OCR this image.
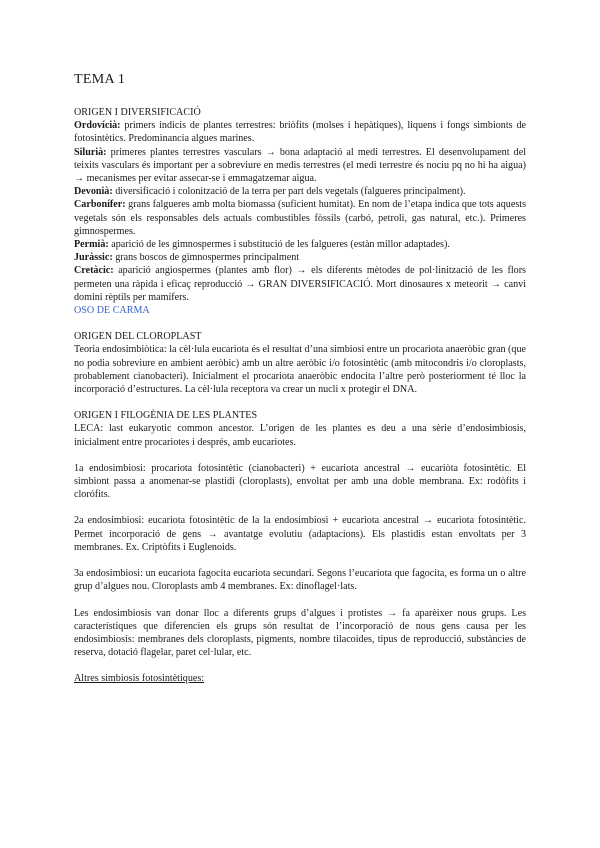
TEMA 1

ORIGEN I DIVERSIFICACIÓ

Ordovícià: primers indicis de plantes terrestres: briòfits (molses i hepàtiques), liquens i fongs simbionts de fotosintètics. Predominancia algues marines.

Silurià: primeres plantes terrestres vasculars → bona adaptació al medi terrestres. El desenvolupament del teixits vasculars és important per a sobreviure en medis terrestres (el medi terrestre és nociu pq no hi ha aigua) → mecanismes per evitar assecar-se i emmagatzemar aigua.

Devonià: diversificació i colonització de la terra per part dels vegetals (falgueres principalment).

Carbonífer: grans falgueres amb molta biomassa (suficient humitat). En nom de l’etapa indica que tots aquests vegetals són els responsables dels actuals combustibles fòssils (carbó, petroli, gas natural, etc.). Primeres gimnospermes.

Permià: aparició de les gimnospermes i substitució de les falgueres (estàn millor adaptades).

Juràssic: grans boscos de gimnospermes principalment

Cretàcic: aparició angiospermes (plantes amb flor) → els diferents mètodes de pol·linització de les flors permeten una ràpida i eficaç reproducció → GRAN DIVERSIFICACIÓ. Mort dinosaures x meteorit → canvi domini rèptils per mamífers.

OSO DE CARMA

ORIGEN DEL CLOROPLAST

Teoria endosimbiòtica: la cèl·lula eucariota és el resultat d’una simbiosi entre un procariota anaeròbic gran (que no podia sobreviure en ambient aeròbic) amb un altre aeròbic i/o fotosintètic (amb mitocondris i/o cloroplasts, probablement cianobacteri). Inicialment el procariota anaeròbic endocita l’altre però posteriorment té lloc la incorporació d’estructures. La cèl·lula receptora va crear un nucli x protegir el DNA.

ORIGEN I FILOGÈNIA DE LES PLANTES

LECA: last eukaryotic common ancestor. L’origen de les plantes es deu a una sèrie d’endosimbiosis, inicialment entre procariotes i després, amb eucariotes.

1a endosimbiosi: procariota fotosintètic (cianobacteri) + eucariota ancestral → eucariòta fotosintètic. El simbiont passa a anomenar-se plastidi (cloroplasts), envoltat per amb una doble membrana. Ex: rodòfits i clorófits.

2a endosimbiosi: eucariota fotosintètic de la la endosimbiosi + eucariota ancestral → eucariota fotosintètic. Permet incorporació de gens → avantatge evolutiu (adaptacions). Els plastidis estan envoltats per 3 membranes. Ex. Criptòfits i Euglenoids.

3a endosimbiosi: un eucariota fagocita eucariota secundari. Segons l’eucariota que fagocita, es forma un o altre grup d’algues nou. Cloroplasts amb 4 membranes. Ex: dinoflagel·lats.

Les endosimbiosis van donar lloc a diferents grups d’algues i protistes → fa aparèixer nous grups. Les característiques que diferencien els grups són resultat de l’incorporació de nous gens causa per les endosimbiosis: membranes dels cloroplasts, pigments, nombre tilacoides, tipus de reproducció, substàncies de reserva, dotació flagelar, paret cel·lular, etc.

Altres simbiosis fotosintètiques:
